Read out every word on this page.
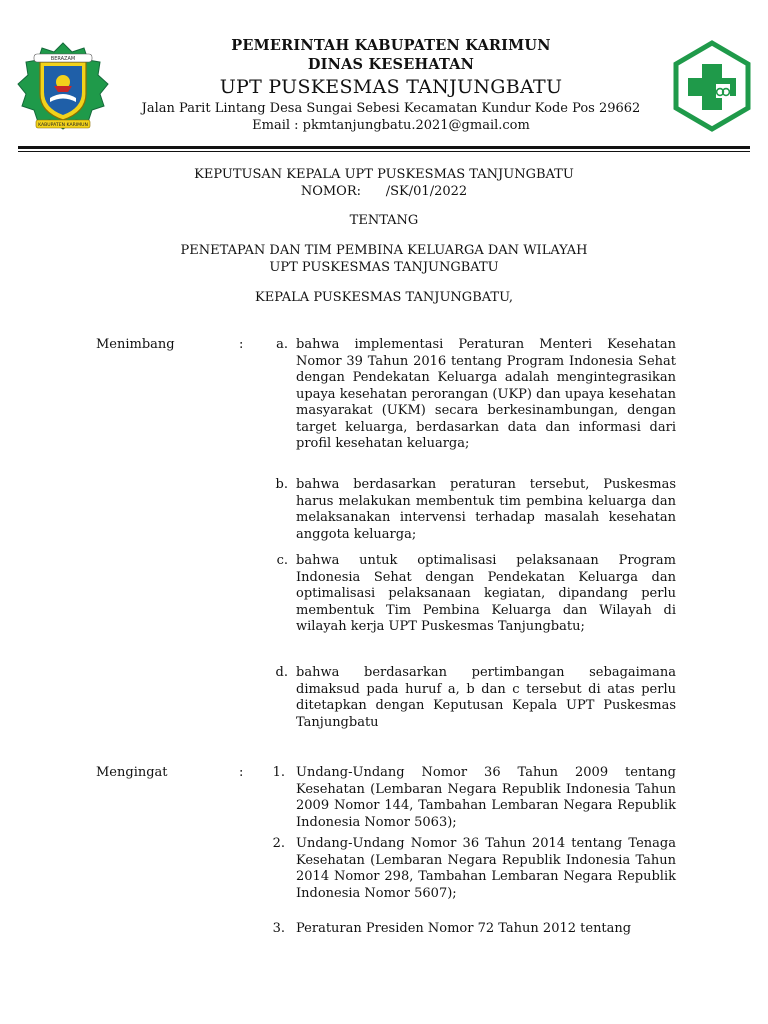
BERAZAM
KABUPATEN KARIMUN
PEMERINTAH KABUPATEN KARIMUN
DINAS KESEHATAN
UPT PUSKESMAS TANJUNGBATU
Jalan Parit Lintang Desa Sungai Sebesi Kecamatan Kundur Kode Pos 29662
Email : pkmtanjungbatu.2021@gmail.com
KEPUTUSAN KEPALA UPT PUSKESMAS TANJUNGBATU
NOMOR:      /SK/01/2022
TENTANG
PENETAPAN DAN TIM PEMBINA KELUARGA DAN WILAYAH
UPT PUSKESMAS TANJUNGBATU
KEPALA PUSKESMAS TANJUNGBATU,
Menimbang	:	a. bahwa implementasi Peraturan Menteri Kesehatan Nomor 39 Tahun 2016 tentang Program Indonesia Sehat dengan Pendekatan Keluarga adalah mengintegrasikan upaya kesehatan perorangan (UKP) dan upaya kesehatan masyarakat (UKM) secara berkesinambungan, dengan target keluarga, berdasarkan data dan informasi dari profil kesehatan keluarga;
b. bahwa berdasarkan peraturan tersebut, Puskesmas harus melakukan membentuk tim pembina keluarga dan melaksanakan intervensi terhadap masalah kesehatan anggota keluarga;
c. bahwa untuk optimalisasi pelaksanaan Program Indonesia Sehat dengan Pendekatan Keluarga dan optimalisasi pelaksanaan kegiatan, dipandang perlu membentuk Tim Pembina Keluarga dan Wilayah di wilayah kerja UPT Puskesmas Tanjungbatu;
d. bahwa berdasarkan pertimbangan sebagaimana dimaksud pada huruf a, b dan c tersebut di atas perlu ditetapkan dengan Keputusan Kepala UPT Puskesmas Tanjungbatu
Mengingat	:	1. Undang-Undang Nomor 36 Tahun 2009 tentang Kesehatan (Lembaran Negara Republik Indonesia Tahun 2009 Nomor 144, Tambahan Lembaran Negara Republik Indonesia Nomor 5063);
2. Undang-Undang Nomor 36 Tahun 2014 tentang Tenaga Kesehatan (Lembaran Negara Republik Indonesia Tahun 2014 Nomor 298, Tambahan Lembaran Negara Republik Indonesia Nomor 5607);
3. Peraturan Presiden Nomor 72 Tahun 2012 tentang
